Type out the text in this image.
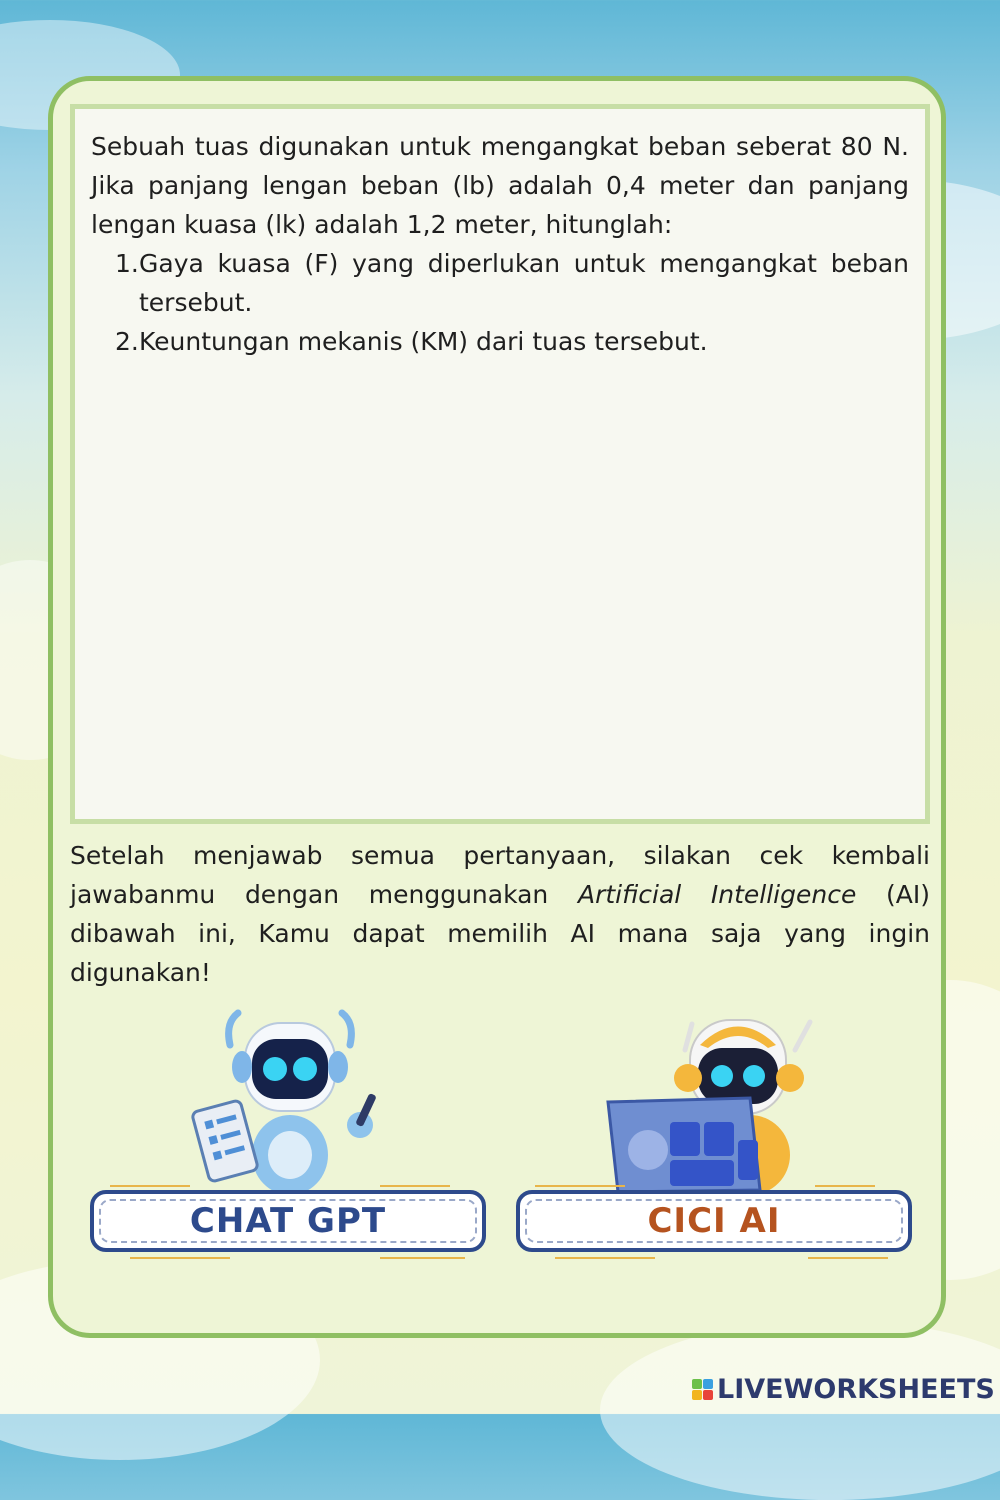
Sebuah tuas digunakan untuk mengangkat beban seberat 80 N. Jika panjang lengan beban (lb) adalah 0,4 meter dan panjang lengan kuasa (lk) adalah 1,2 meter, hitunglah:

1. Gaya kuasa (F) yang diperlukan untuk mengangkat beban tersebut.
2. Keuntungan mekanis (KM) dari tuas tersebut.

Setelah menjawab semua pertanyaan, silakan cek kembali jawabanmu dengan menggunakan Artificial Intelligence (AI) dibawah ini, Kamu dapat memilih AI mana saja yang ingin digunakan!

CHAT GPT	CICI AI
LIVEWORKSHEETS
